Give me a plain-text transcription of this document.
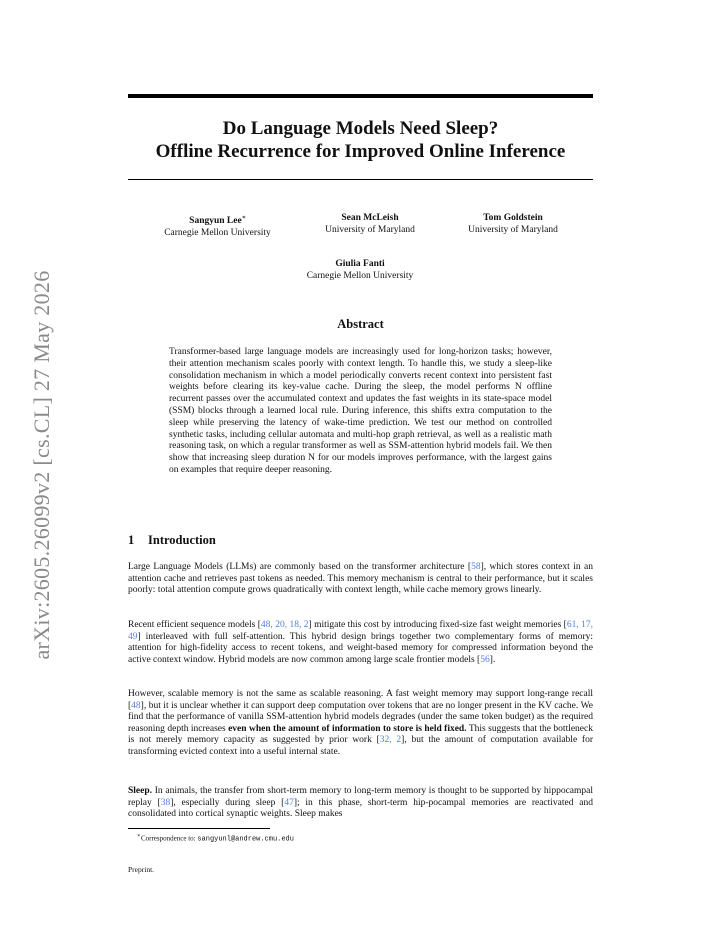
arXiv:2605.26099v2 [cs.CL] 27 May 2026
Do Language Models Need Sleep?
Offline Recurrence for Improved Online Inference
Sangyun Lee∗
Carnegie Mellon University
Sean McLeish
University of Maryland
Tom Goldstein
University of Maryland
Giulia Fanti
Carnegie Mellon University
Abstract
Transformer-based large language models are increasingly used for long-horizon tasks; however, their attention mechanism scales poorly with context length. To handle this, we study a sleep-like consolidation mechanism in which a model periodically converts recent context into persistent fast weights before clearing its key-value cache. During the sleep, the model performs N offline recurrent passes over the accumulated context and updates the fast weights in its state-space model (SSM) blocks through a learned local rule. During inference, this shifts extra computation to the sleep while preserving the latency of wake-time prediction. We test our method on controlled synthetic tasks, including cellular automata and multi-hop graph retrieval, as well as a realistic math reasoning task, on which a regular transformer as well as SSM-attention hybrid models fail. We then show that increasing sleep duration N for our models improves performance, with the largest gains on examples that require deeper reasoning.
1 Introduction
Large Language Models (LLMs) are commonly based on the transformer architecture [58], which stores context in an attention cache and retrieves past tokens as needed. This memory mechanism is central to their performance, but it scales poorly: total attention compute grows quadratically with context length, while cache memory grows linearly.
Recent efficient sequence models [48, 20, 18, 2] mitigate this cost by introducing fixed-size fast weight memories [61, 17, 49] interleaved with full self-attention. This hybrid design brings together two complementary forms of memory: attention for high-fidelity access to recent tokens, and weight-based memory for compressed information beyond the active context window. Hybrid models are now common among large scale frontier models [56].
However, scalable memory is not the same as scalable reasoning. A fast weight memory may support long-range recall [48], but it is unclear whether it can support deep computation over tokens that are no longer present in the KV cache. We find that the performance of vanilla SSM-attention hybrid models degrades (under the same token budget) as the required reasoning depth increases even when the amount of information to store is held fixed. This suggests that the bottleneck is not merely memory capacity as suggested by prior work [32, 2], but the amount of computation available for transforming evicted context into a useful internal state.
Sleep. In animals, the transfer from short-term memory to long-term memory is thought to be supported by hippocampal replay [38], especially during sleep [47]; in this phase, short-term hip-pocampal memories are reactivated and consolidated into cortical synaptic weights. Sleep makes
∗Correspondence to: sangyunl@andrew.cmu.edu
Preprint.
